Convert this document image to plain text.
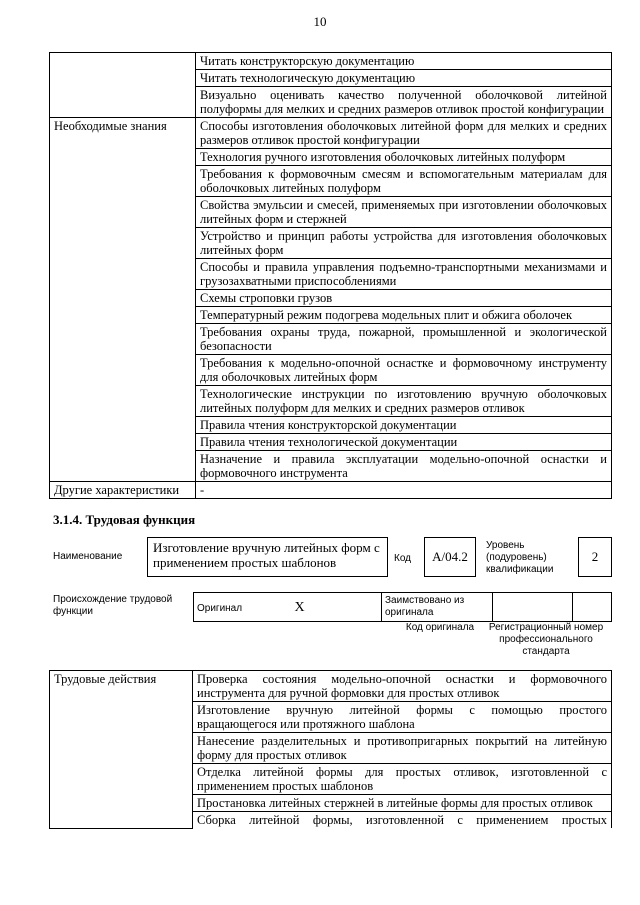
10
	Читать конструкторскую документацию
	Читать технологическую документацию
	Визуально оценивать качество полученной оболочковой литейной полуформы для мелких и средних размеров отливок простой конфигурации
Необходимые знания	Способы изготовления оболочковых литейной форм для мелких и средних размеров отливок простой конфигурации
	Технология ручного изготовления оболочковых литейных полуформ
	Требования к формовочным смесям и вспомогательным материалам для оболочковых литейных полуформ
	Свойства эмульсии и смесей, применяемых при изготовлении оболочковых литейных форм и стержней
	Устройство и принцип работы устройства для изготовления оболочковых литейных форм
	Способы и правила управления подъемно-транспортными механизмами и грузозахватными приспособлениями
	Схемы строповки грузов
	Температурный режим подогрева модельных плит и обжига оболочек
	Требования охраны труда, пожарной, промышленной и экологической безопасности
	Требования к модельно-опочной оснастке и формовочному инструменту для оболочковых литейных форм
	Технологические инструкции по изготовлению вручную оболочковых литейных полуформ для мелких и средних размеров отливок
	Правила чтения конструкторской документации
	Правила чтения технологической документации
	Назначение и правила эксплуатации модельно-опочной оснастки и формовочного инструмента
Другие характеристики	-
3.1.4. Трудовая функция
Наименование
Изготовление вручную литейных форм с применением простых шаблонов	Код	A/04.2
Уровень (подуровень) квалификации
2
Происхождение трудовой функции	Оригинал	X	Заимствовано из оригинала		
Код оригинала	Регистрационный номер профессионального стандарта
Трудовые действия	Проверка состояния модельно-опочной оснастки и формовочного инструмента для ручной формовки для простых отливок
Изготовление вручную литейной формы с помощью простого вращающегося или протяжного шаблона
Нанесение разделительных и противопригарных покрытий на литейную форму для простых отливок
Отделка литейной формы для простых отливок, изготовленной с применением простых шаблонов
Простановка литейных стержней в литейные формы для простых отливок
Сборка литейной формы, изготовленной с применением простых
